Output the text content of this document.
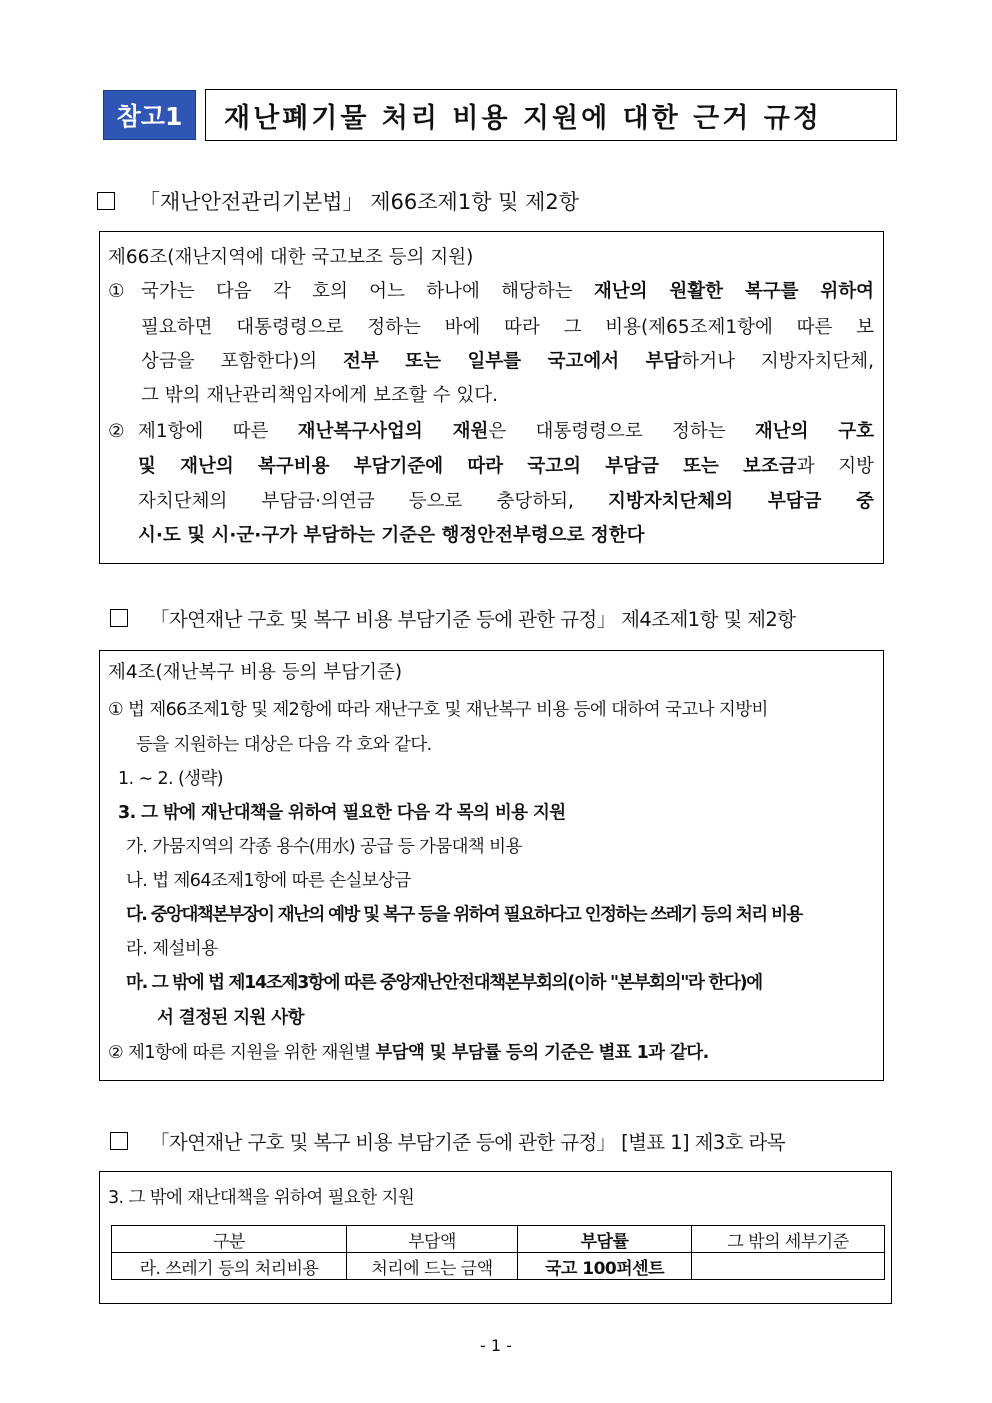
참고1	재난폐기물 처리 비용 지원에 대한 근거 규정
「재난안전관리기본법」 제66조제1항 및 제2항
제66조(재난지역에 대한 국고보조 등의 지원)
① 국가는 다음 각 호의 어느 하나에 해당하는 재난의 원활한 복구를 위하여
필요하면 대통령령으로 정하는 바에 따라 그 비용(제65조제1항에 따른 보
상금을 포함한다)의 전부 또는 일부를 국고에서 부담하거나 지방자치단체,
그 밖의 재난관리책임자에게 보조할 수 있다.
② 제1항에 따른 재난복구사업의 재원은 대통령령으로 정하는 재난의 구호
및 재난의 복구비용 부담기준에 따라 국고의 부담금 또는 보조금과 지방
자치단체의 부담금·의연금 등으로 충당하되, 지방자치단체의 부담금 중
시·도 및 시·군·구가 부담하는 기준은 행정안전부령으로 정한다
「자연재난 구호 및 복구 비용 부담기준 등에 관한 규정」 제4조제1항 및 제2항
제4조(재난복구 비용 등의 부담기준)
① 법 제66조제1항 및 제2항에 따라 재난구호 및 재난복구 비용 등에 대하여 국고나 지방비
등을 지원하는 대상은 다음 각 호와 같다.
1. ∼ 2. (생략)
3. 그 밖에 재난대책을 위하여 필요한 다음 각 목의 비용 지원
가. 가뭄지역의 각종 용수(用水) 공급 등 가뭄대책 비용
나. 법 제64조제1항에 따른 손실보상금
다. 중앙대책본부장이 재난의 예방 및 복구 등을 위하여 필요하다고 인정하는 쓰레기 등의 처리 비용
라. 제설비용
마. 그 밖에 법 제14조제3항에 따른 중앙재난안전대책본부회의(이하 "본부회의"라 한다)에
서 결정된 지원 사항
② 제1항에 따른 지원을 위한 재원별 부담액 및 부담률 등의 기준은 별표 1과 같다.
「자연재난 구호 및 복구 비용 부담기준 등에 관한 규정」 [별표 1] 제3호 라목
3. 그 밖에 재난대책을 위하여 필요한 지원
구분	부담액	부담률	그 밖의 세부기준
라. 쓰레기 등의 처리비용	처리에 드는 금액	국고 100퍼센트	
- 1 -
